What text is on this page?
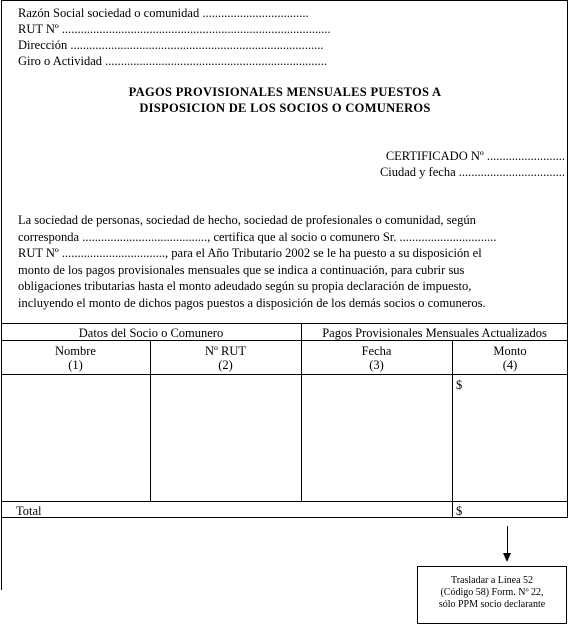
Razón Social sociedad o comunidad ..................................
RUT Nº ......................................................................................
Dirección .................................................................................
Giro o Actividad .......................................................................
PAGOS PROVISIONALES MENSUALES PUESTOS A
DISPOSICION DE LOS SOCIOS O COMUNEROS
CERTIFICADO Nº .........................
Ciudad y fecha ..................................
La sociedad de personas, sociedad de hecho, sociedad de profesionales o comunidad, según
corresponda ........................................, certifica que al socio o comunero Sr. ...............................
RUT Nº ................................., para el Año Tributario 2002 se le ha puesto a su disposición el
monto de los pagos provisionales mensuales que se indica a continuación, para cubrir sus
obligaciones tributarias hasta el monto adeudado según su propia declaración de impuesto,
incluyendo el monto de dichos pagos puestos a disposición de los demás socios o comuneros.
Datos del Socio o Comunero	Pagos Provisionales Mensuales Actualizados
Nombre
(1)
Nº RUT
(2)
Fecha
(3)
Monto
(4)
$
Total	$
Trasladar a Línea 52
(Código 58) Form. Nº 22,
sólo PPM socio declarante
